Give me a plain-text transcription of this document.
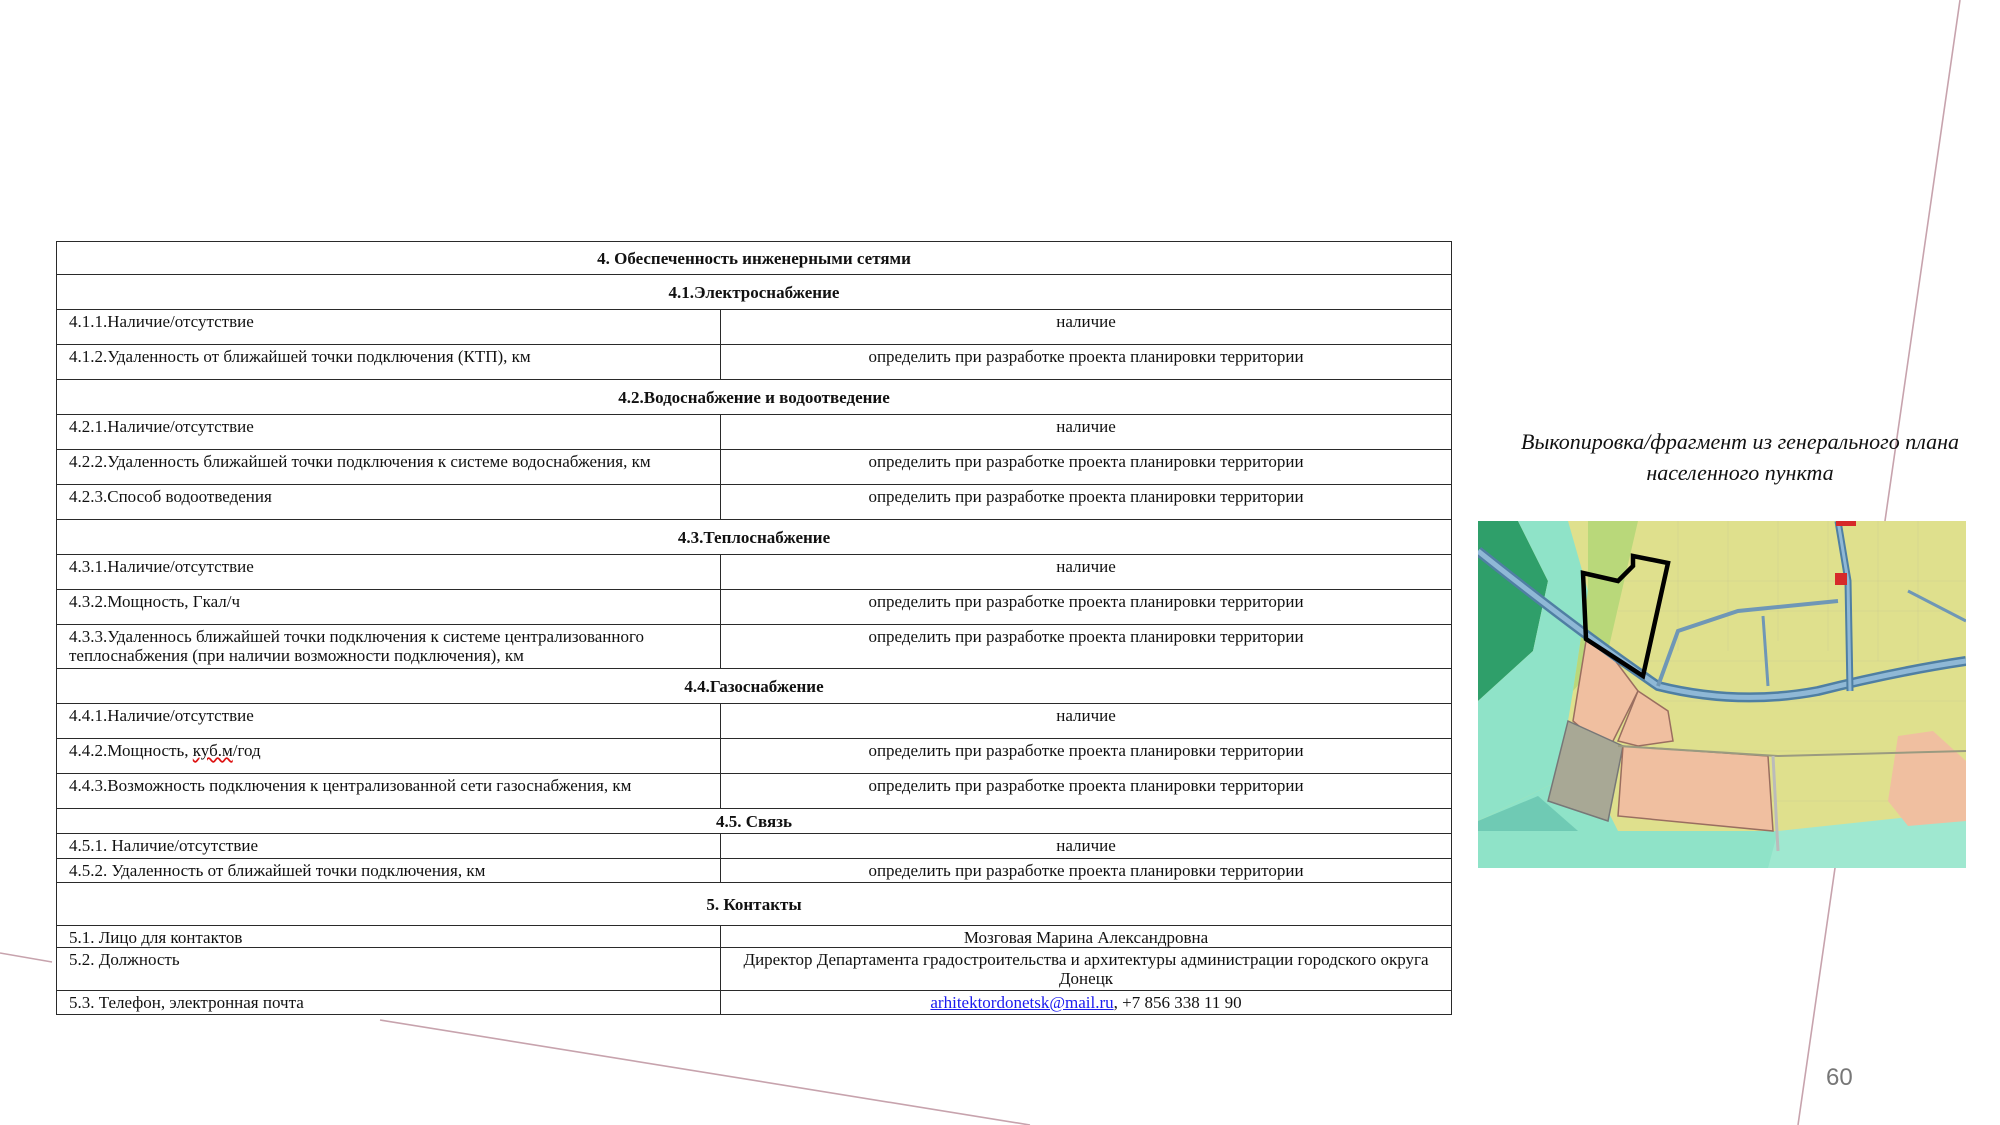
4. Обеспеченность инженерными сетями	
4.1.Электроснабжение	
4.1.1.Наличие/отсутствие	наличие
4.1.2.Удаленность от ближайшей точки подключения (КТП), км	определить при разработке проекта планировки территории
4.2.Водоснабжение и водоотведение	
4.2.1.Наличие/отсутствие	наличие
4.2.2.Удаленность ближайшей точки подключения к системе водоснабжения, км	определить при разработке проекта планировки территории
4.2.3.Способ водоотведения	определить при разработке проекта планировки территории
4.3.Теплоснабжение	
4.3.1.Наличие/отсутствие	наличие
4.3.2.Мощность, Гкал/ч	определить при разработке проекта планировки территории
4.3.3.Удаленнось ближайшей точки подключения к системе централизованного теплоснабжения (при наличии возможности подключения), км	определить при разработке проекта планировки территории
4.4.Газоснабжение	
4.4.1.Наличие/отсутствие	наличие
4.4.2.Мощность, куб.м/год	определить при разработке проекта планировки территории
4.4.3.Возможность подключения к централизованной сети газоснабжения, км	определить при разработке проекта планировки территории
4.5. Связь	
4.5.1. Наличие/отсутствие	наличие
4.5.2. Удаленность от ближайшей точки подключения, км	определить при разработке проекта планировки территории
5. Контакты	
5.1. Лицо для контактов	Мозговая Марина Александровна
5.2. Должность	Директор Департамента градостроительства и архитектуры администрации городского округа Донецк
5.3. Телефон, электронная почта	arhitektordonetsk@mail.ru, +7 856 338 11 90
Выкопировка/фрагмент из генерального плана населенного пункта
60
